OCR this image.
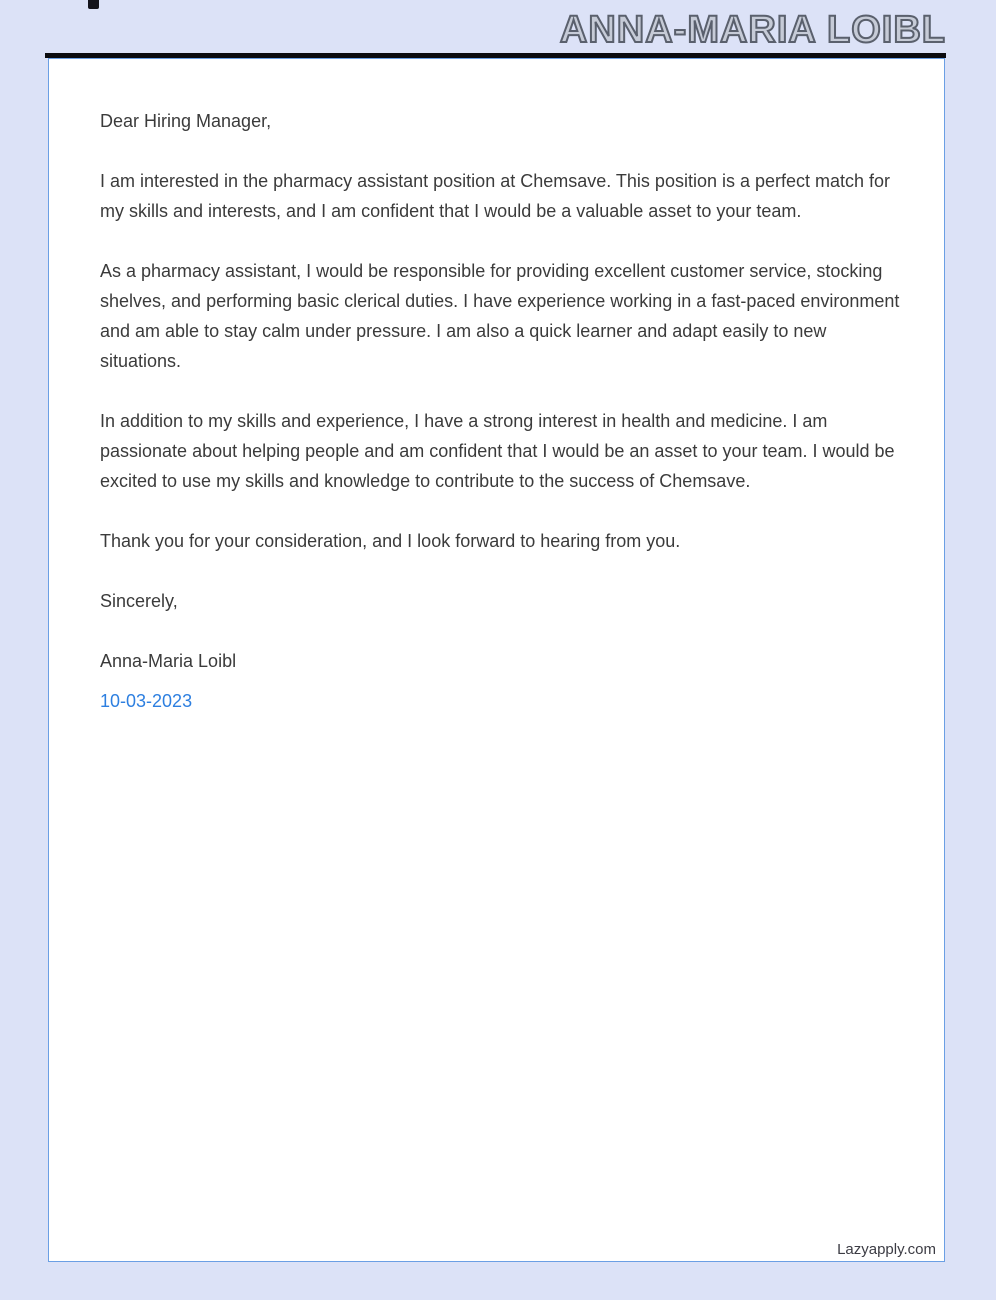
ANNA-MARIA LOIBL

Dear Hiring Manager,

I am interested in the pharmacy assistant position at Chemsave. This position is a perfect match for my skills and interests, and I am confident that I would be a valuable asset to your team.

As a pharmacy assistant, I would be responsible for providing excellent customer service, stocking shelves, and performing basic clerical duties. I have experience working in a fast-paced environment and am able to stay calm under pressure. I am also a quick learner and adapt easily to new situations.

In addition to my skills and experience, I have a strong interest in health and medicine. I am passionate about helping people and am confident that I would be an asset to your team. I would be excited to use my skills and knowledge to contribute to the success of Chemsave.

Thank you for your consideration, and I look forward to hearing from you.

Sincerely,

Anna-Maria Loibl

10-03-2023

Lazyapply.com
